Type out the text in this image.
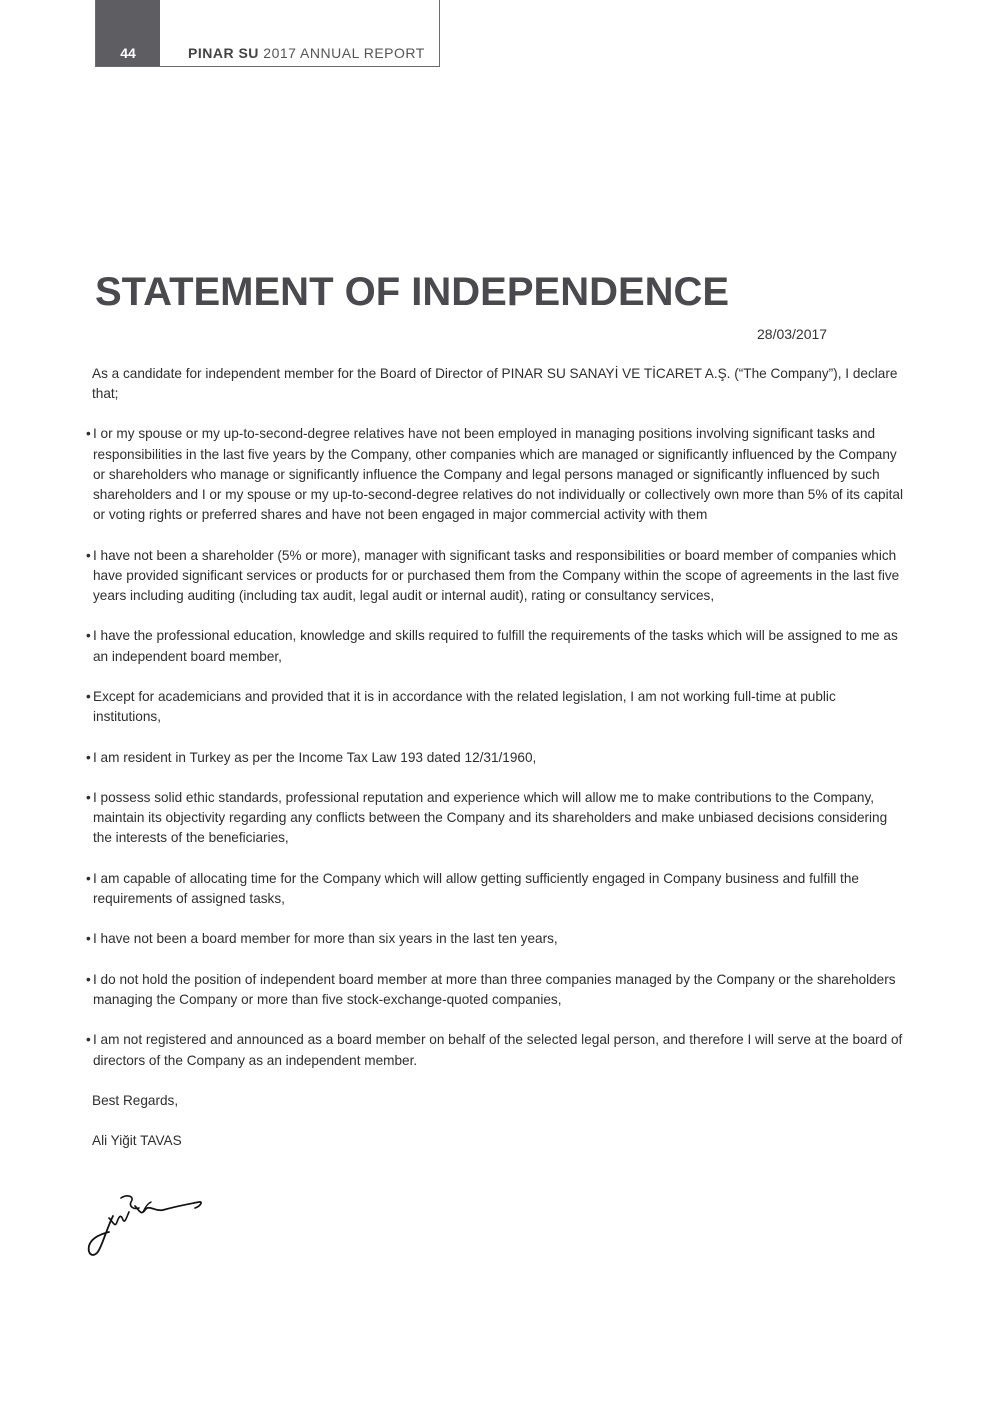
44	PINAR SU 2017 ANNUAL REPORT
STATEMENT OF INDEPENDENCE
28/03/2017

As a candidate for independent member for the Board of Director of PINAR SU SANAYİ VE TİCARET A.Ş. (“The Company”), I declare that;

• I or my spouse or my up-to-second-degree relatives have not been employed in managing positions involving significant tasks and responsibilities in the last five years by the Company, other companies which are managed or significantly influenced by the Company or shareholders who manage or significantly influence the Company and legal persons managed or significantly influenced by such shareholders and I or my spouse or my up-to-second-degree relatives do not individually or collectively own more than 5% of its capital or voting rights or preferred shares and have not been engaged in major commercial activity with them
• I have not been a shareholder (5% or more), manager with significant tasks and responsibilities or board member of companies which have provided significant services or products for or purchased them from the Company within the scope of agreements in the last five years including auditing (including tax audit, legal audit or internal audit), rating or consultancy services,
• I have the professional education, knowledge and skills required to fulfill the requirements of the tasks which will be assigned to me as an independent board member,
• Except for academicians and provided that it is in accordance with the related legislation, I am not working full-time at public institutions,
• I am resident in Turkey as per the Income Tax Law 193 dated 12/31/1960,
• I possess solid ethic standards, professional reputation and experience which will allow me to make contributions to the Company, maintain its objectivity regarding any conflicts between the Company and its shareholders and make unbiased decisions considering the interests of the beneficiaries,
• I am capable of allocating time for the Company which will allow getting sufficiently engaged in Company business and fulfill the requirements of assigned tasks,
• I have not been a board member for more than six years in the last ten years,
• I do not hold the position of independent board member at more than three companies managed by the Company or the shareholders managing the Company or more than five stock-exchange-quoted companies,
• I am not registered and announced as a board member on behalf of the selected legal person, and therefore I will serve at the board of directors of the Company as an independent member.

Best Regards,

Ali Yiğit TAVAS
